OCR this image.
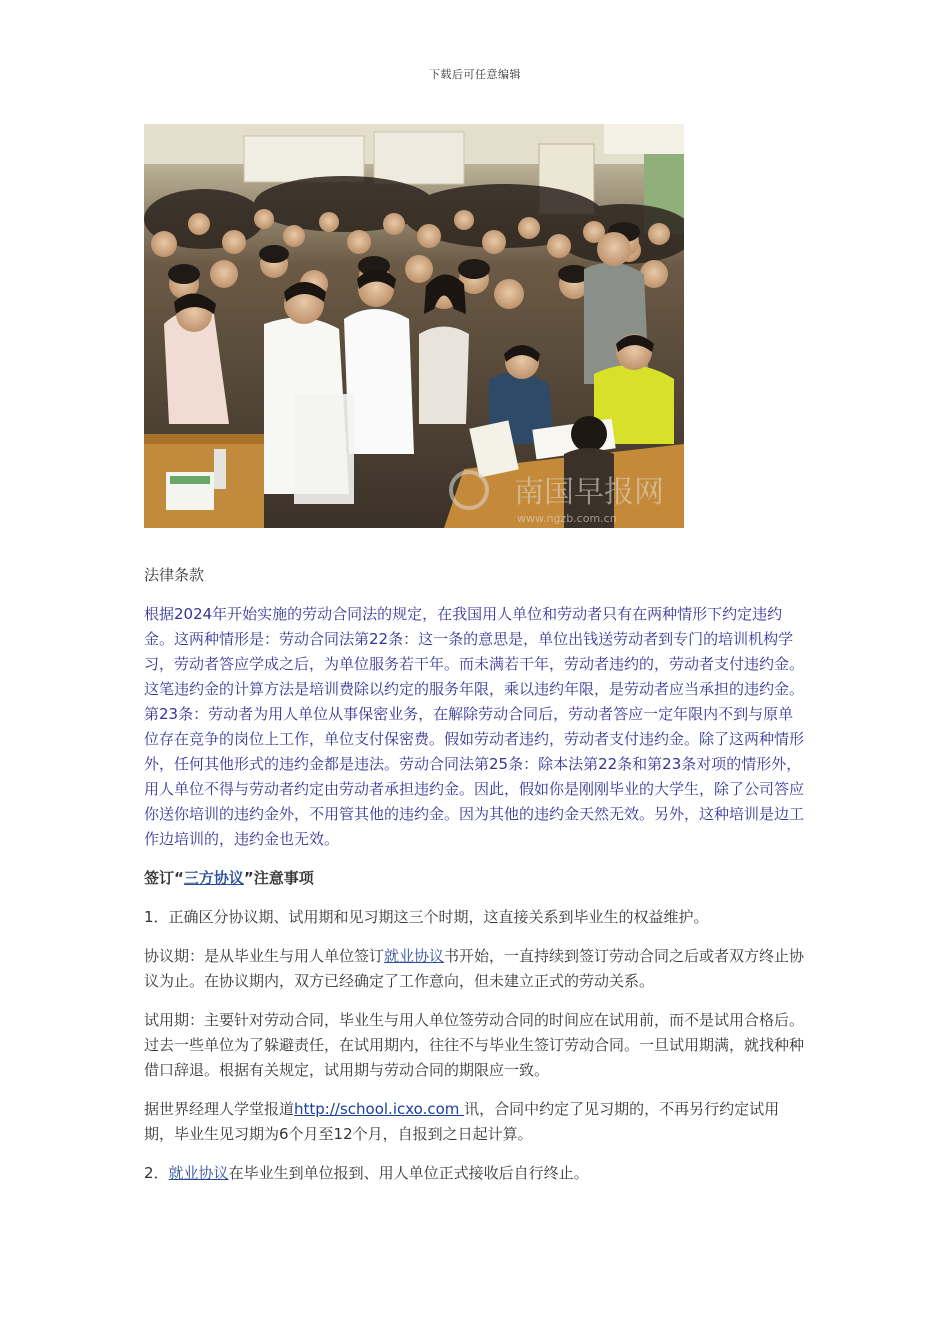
下载后可任意编辑
南国早报网
www.ngzb.com.cn

法律条款

根据2024年开始实施的劳动合同法的规定，在我国用人单位和劳动者只有在两种情形下约定违约金。这两种情形是：劳动合同法第22条：这一条的意思是，单位出钱送劳动者到专门的培训机构学习，劳动者答应学成之后，为单位服务若干年。而未满若干年，劳动者违约的，劳动者支付违约金。这笔违约金的计算方法是培训费除以约定的服务年限，乘以违约年限，是劳动者应当承担的违约金。第23条：劳动者为用人单位从事保密业务，在解除劳动合同后，劳动者答应一定年限内不到与原单位存在竞争的岗位上工作，单位支付保密费。假如劳动者违约，劳动者支付违约金。除了这两种情形外，任何其他形式的违约金都是违法。劳动合同法第25条：除本法第22条和第23条对项的情形外，用人单位不得与劳动者约定由劳动者承担违约金。因此，假如你是刚刚毕业的大学生，除了公司答应你送你培训的违约金外，不用管其他的违约金。因为其他的违约金天然无效。另外，这种培训是边工作边培训的，违约金也无效。

签订“三方协议”注意事项

1．正确区分协议期、试用期和见习期这三个时期，这直接关系到毕业生的权益维护。

协议期：是从毕业生与用人单位签订就业协议书开始，一直持续到签订劳动合同之后或者双方终止协议为止。在协议期内，双方已经确定了工作意向，但未建立正式的劳动关系。

试用期：主要针对劳动合同，毕业生与用人单位签劳动合同的时间应在试用前，而不是试用合格后。过去一些单位为了躲避责任，在试用期内，往往不与毕业生签订劳动合同。一旦试用期满，就找种种借口辞退。根据有关规定，试用期与劳动合同的期限应一致。

据世界经理人学堂报道http://school.icxo.com 讯，合同中约定了见习期的，不再另行约定试用期，毕业生见习期为6个月至12个月，自报到之日起计算。

2．就业协议在毕业生到单位报到、用人单位正式接收后自行终止。
